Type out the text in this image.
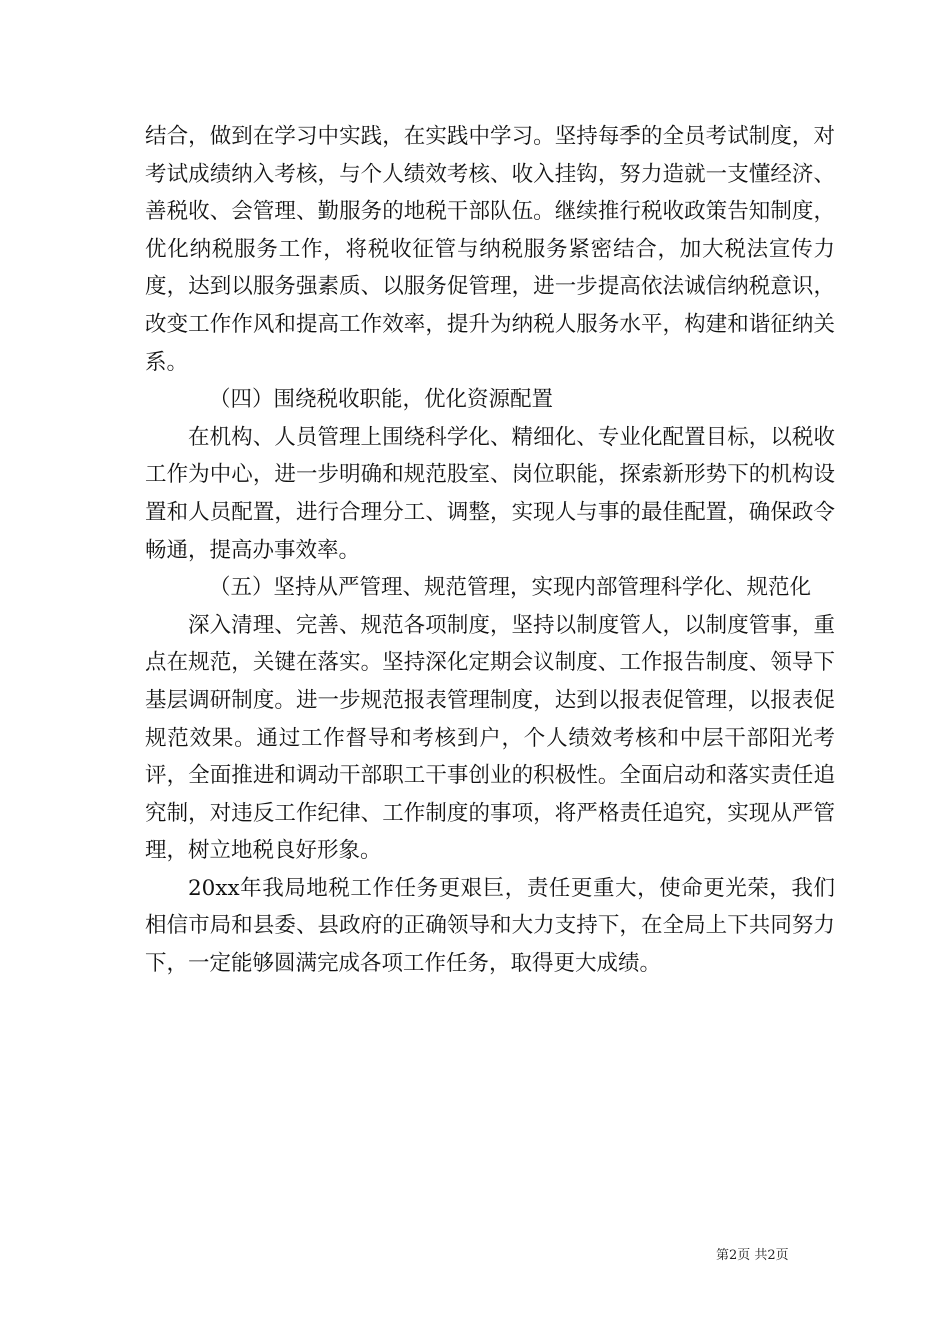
结合，做到在学习中实践，在实践中学习。坚持每季的全员考试制度，对考试成绩纳入考核，与个人绩效考核、收入挂钩，努力造就一支懂经济、善税收、会管理、勤服务的地税干部队伍。继续推行税收政策告知制度，优化纳税服务工作，将税收征管与纳税服务紧密结合，加大税法宣传力度，达到以服务强素质、以服务促管理，进一步提高依法诚信纳税意识，改变工作作风和提高工作效率，提升为纳税人服务水平，构建和谐征纳关系。

（四）围绕税收职能，优化资源配置

在机构、人员管理上围绕科学化、精细化、专业化配置目标，以税收工作为中心，进一步明确和规范股室、岗位职能，探索新形势下的机构设置和人员配置，进行合理分工、调整，实现人与事的最佳配置，确保政令畅通，提高办事效率。

（五）坚持从严管理、规范管理，实现内部管理科学化、规范化

深入清理、完善、规范各项制度，坚持以制度管人，以制度管事，重点在规范，关键在落实。坚持深化定期会议制度、工作报告制度、领导下基层调研制度。进一步规范报表管理制度，达到以报表促管理，以报表促规范效果。通过工作督导和考核到户，个人绩效考核和中层干部阳光考评，全面推进和调动干部职工干事创业的积极性。全面启动和落实责任追究制，对违反工作纪律、工作制度的事项，将严格责任追究，实现从严管理，树立地税良好形象。

20xx年我局地税工作任务更艰巨，责任更重大，使命更光荣，我们相信市局和县委、县政府的正确领导和大力支持下，在全局上下共同努力下，一定能够圆满完成各项工作任务，取得更大成绩。

第2页 共2页
